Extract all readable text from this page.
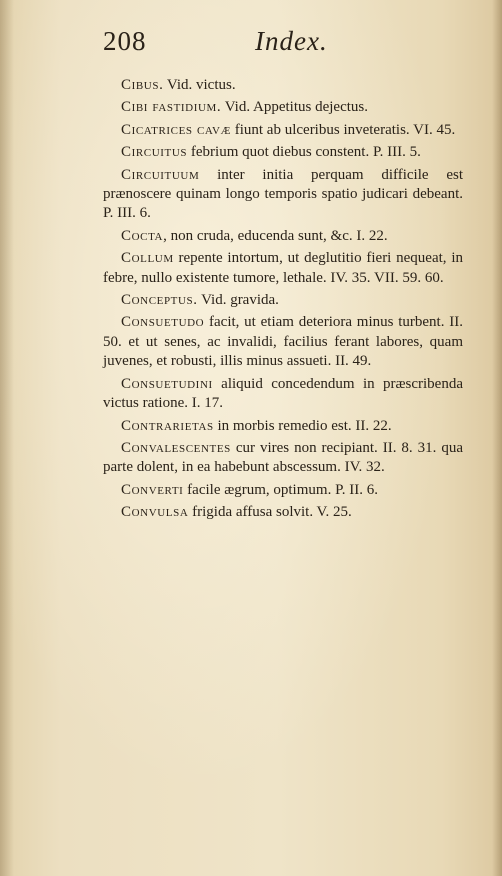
208	Index.

Cibus. Vid. victus.

Cibi fastidium. Vid. Appetitus dejectus.

Cicatrices cavæ fiunt ab ulceribus inveteratis. VI. 45.

Circuitus febrium quot diebus constent. P. III. 5.

Circuituum inter initia perquam difficile est prænoscere quinam longo temporis spatio judicari debeant. P. III. 6.

Cocta, non cruda, educenda sunt, &c. I. 22.

Collum repente intortum, ut deglutitio fieri nequeat, in febre, nullo existente tumore, lethale. IV. 35. VII. 59. 60.

Conceptus. Vid. gravida.

Consuetudo facit, ut etiam deteriora minus turbent. II. 50. et ut senes, ac invalidi, facilius ferant labores, quam juvenes, et robusti, illis minus assueti. II. 49.

Consuetudini aliquid concedendum in præscribenda victus ratione. I. 17.

Contrarietas in morbis remedio est. II. 22.

Convalescentes cur vires non recipiant. II. 8. 31. qua parte dolent, in ea habebunt abscessum. IV. 32.

Converti facile ægrum, optimum. P. II. 6.

Convulsa frigida affusa solvit. V. 25.
